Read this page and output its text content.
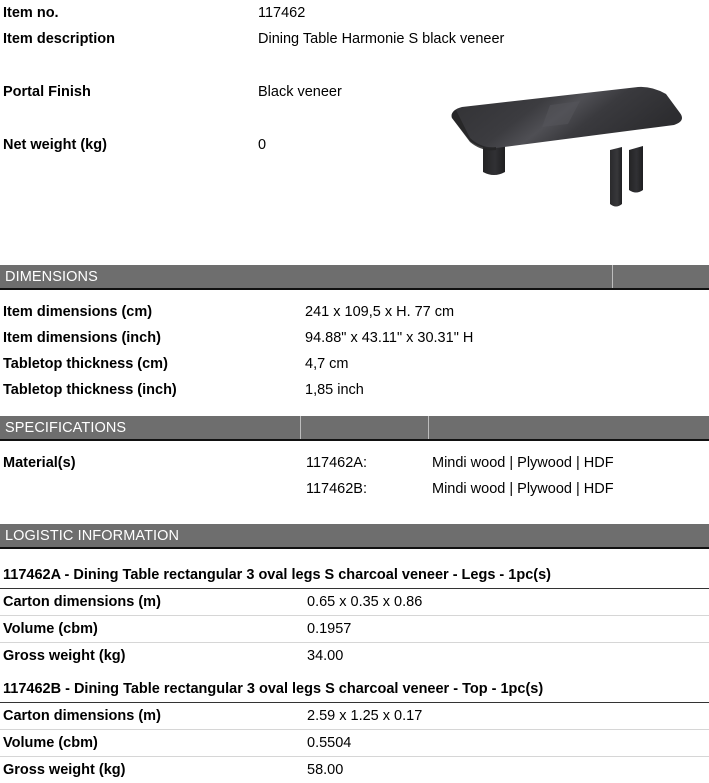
Item no.	117462
Item description	Dining Table Harmonie S black veneer
Portal Finish	Black veneer
Net weight (kg)	0
DIMENSIONS
Item dimensions (cm)	241 x 109,5 x H. 77 cm
Item dimensions (inch)	94.88" x 43.11" x 30.31" H
Tabletop thickness (cm)	4,7 cm
Tabletop thickness (inch)	1,85 inch
SPECIFICATIONS
Material(s)	117462A:	Mindi wood | Plywood | HDF

117462B:	Mindi wood | Plywood | HDF
LOGISTIC INFORMATION
117462A - Dining Table rectangular 3 oval legs S charcoal veneer - Legs - 1pc(s)
Carton dimensions (m)	0.65 x 0.35 x 0.86
Volume (cbm)	0.1957
Gross weight (kg)	34.00
117462B - Dining Table rectangular 3 oval legs S charcoal veneer - Top - 1pc(s)
Carton dimensions (m)	2.59 x 1.25 x 0.17
Volume (cbm)	0.5504
Gross weight (kg)	58.00
